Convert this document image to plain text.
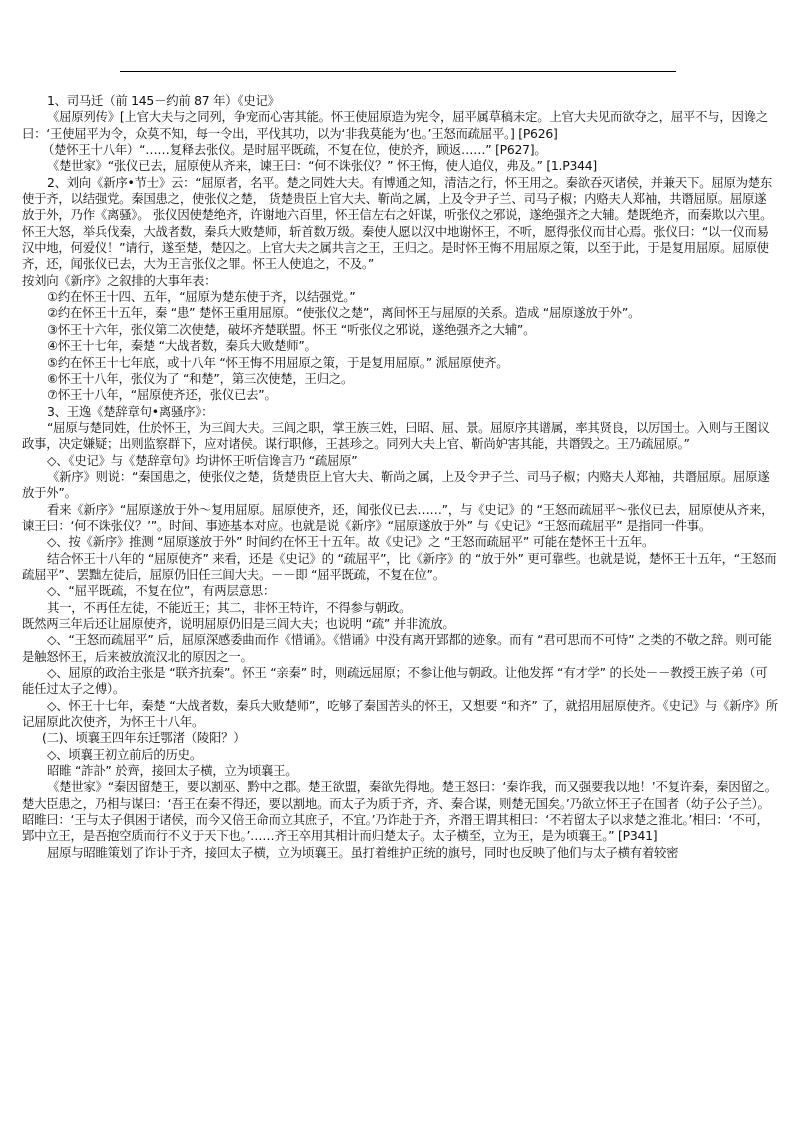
1、司马迁（前 145－约前 87 年）《史记》

《屈原列传》[上官大夫与之同列，争宠而心害其能。怀王使屈原造为宪令，屈平属草稿未定。上官大夫见而欲夺之，屈平不与，因谗之曰：‘王使屈平为令，众莫不知，每一令出，平伐其功，以为‘非我莫能为’也。’王怒而疏屈平。] [P626]

（楚怀王十八年）“……复释去张仪。是时屈平既疏，不复在位，使於齐，顾返……” [P627]。

《楚世家》“张仪已去，屈原使从齐来，谏王曰：“何不诛张仪？” 怀王悔，使人追仪，弗及。” [1.P344]

2、刘向《新序•节士》云：“屈原者，名平。楚之同姓大夫。有博通之知，清洁之行，怀王用之。秦欲吞灭诸侯，并兼天下。屈原为楚东使于齐，以结强党。秦国患之，使张仪之楚， 货楚贵臣上官大夫、靳尚之属，上及令尹子兰、司马子椒；内赂夫人郑袖，共谮屈原。屈原遂放于外，乃作《离骚》。 张仪因使楚绝齐，许谢地六百里，怀王信左右之奸谋，听张仪之邪说，遂绝强齐之大辅。楚既绝齐，而秦欺以六里。怀王大怒，举兵伐秦，大战者数，秦兵大败楚师，斩首数万级。秦使人愿以汉中地谢怀王，不听，愿得张仪而甘心焉。张仪曰：“以一仪而易汉中地，何爱仪！”请行，遂至楚，楚囚之。上官大夫之属共言之王，王归之。是时怀王悔不用屈原之策，以至于此，于是复用屈原。屈原使齐，还，闻张仪已去，大为王言张仪之罪。怀王人使追之，不及。”

按刘向《新序》之叙排的大事年表：

①约在怀王十四、五年，“屈原为楚东使于齐，以结强党。”

②约在怀王十五年，秦 “患” 楚怀王重用屈原。“使张仪之楚”，离间怀王与屈原的关系。造成 “屈原遂放于外”。

③怀王十六年，张仪第二次使楚，破坏齐楚联盟。怀王 “听张仪之邪说，遂绝强齐之大辅”。

④怀王十七年，秦楚 “大战者数，秦兵大败楚师”。

⑤约在怀王十七年底，或十八年 “怀王悔不用屈原之策，于是复用屈原。” 派屈原使齐。

⑥怀王十八年，张仪为了 “和楚”，第三次使楚，王归之。

⑦怀王十八年，“屈原使齐还，张仪已去”。

3、王逸《楚辞章句•离骚序》：

“屈原与楚同姓，仕於怀王，为三闾大夫。三闾之职，掌王族三姓，曰昭、屈、景。屈原序其谱属，率其贤良，以厉国士。入则与王图议政事，决定嫌疑；出则监察群下，应对诸侯。谋行职修，王甚珍之。同列大夫上官、靳尚妒害其能，共谮毁之。王乃疏屈原。”

◇、《史记》与《楚辞章句》均讲怀王听信谗言乃 “疏屈原”

《新序》则说：“秦国患之，使张仪之楚，货楚贵臣上官大夫、靳尚之属，上及令尹子兰、司马子椒；内赂夫人郑袖，共谮屈原。屈原遂放于外”。

看来《新序》“屈原遂放于外～复用屈原。屈原使齐，还，闻张仪已去……”，与《史记》的 “王怒而疏屈平～张仪已去，屈原使从齐来，谏王曰：‘何不诛张仪？’”。时间、事迹基本对应。也就是说《新序》“屈原遂放于外” 与《史记》“王怒而疏屈平” 是指同一件事。

◇、按《新序》推测 “屈原遂放于外” 时间约在怀王十五年。故《史记》之 “王怒而疏屈平” 可能在楚怀王十五年。

结合怀王十八年的 “屈原使齐” 来看，还是《史记》的 “疏屈平”，比《新序》的 “放于外” 更可靠些。也就是说，楚怀王十五年，“王怒而疏屈平”、罢黜左徒后，屈原仍旧任三闾大夫。－－即 “屈平既疏，不复在位”。

◇、“屈平既疏，不复在位”，有两层意思：

其一，不再任左徒，不能近王；其二，非怀王特许，不得参与朝政。

既然两三年后还让屈原使齐，说明屈原仍旧是三闾大夫；也说明 “疏” 并非流放。

◇、“王怒而疏屈平” 后，屈原深感委曲而作《惜诵》。《惜诵》中没有离开郢都的迹象。而有 “君可思而不可恃” 之类的不敬之辞。则可能是触怒怀王，后来被放流汉北的原因之一。

◇、屈原的政治主张是 “联齐抗秦”。怀王 “亲秦” 时，则疏远屈原；不参让他与朝政。让他发挥 “有才学” 的长处－－教授王族子弟（可能任过太子之傅）。

◇、怀王十七年，秦楚 “大战者数，秦兵大败楚师”，吃够了秦国苦头的怀王，又想要 “和齐” 了，就招用屈原使齐。《史记》与《新序》所记屈原此次使齐，为怀王十八年。

(二)、顷襄王四年东迁鄂渚（陵阳？）

◇、顷襄王初立前后的历史。

昭睢 “詐訃” 於齊，接回太子横，立为顷襄王。

《楚世家》“秦因留楚王，要以割巫、黔中之郡。楚王欲盟，秦欲先得地。楚王怒曰：‘秦诈我，而又强要我以地！’不复许秦，秦因留之。 楚大臣患之，乃相与谋曰：‘吾王在秦不得还，要以割地。而太子为质于齐，齐、秦合谋，则楚无国矣。’乃欲立怀王子在国者（幼子公子兰）。昭睢曰：‘王与太子俱困于诸侯，而今又倍王命而立其庶子，不宜。’乃诈赴于齐，齐湣王谓其相曰：‘不若留太子以求楚之淮北。’相曰：‘不可，郢中立王，是吾抱空质而行不义于天下也。’……齐王卒用其相计而归楚太子。太子横至，立为王，是为顷襄王。” [P341]

屈原与昭睢策划了诈讣于齐，接回太子横，立为顷襄王。虽打着维护正统的旗号，同时也反映了他们与太子横有着较密
